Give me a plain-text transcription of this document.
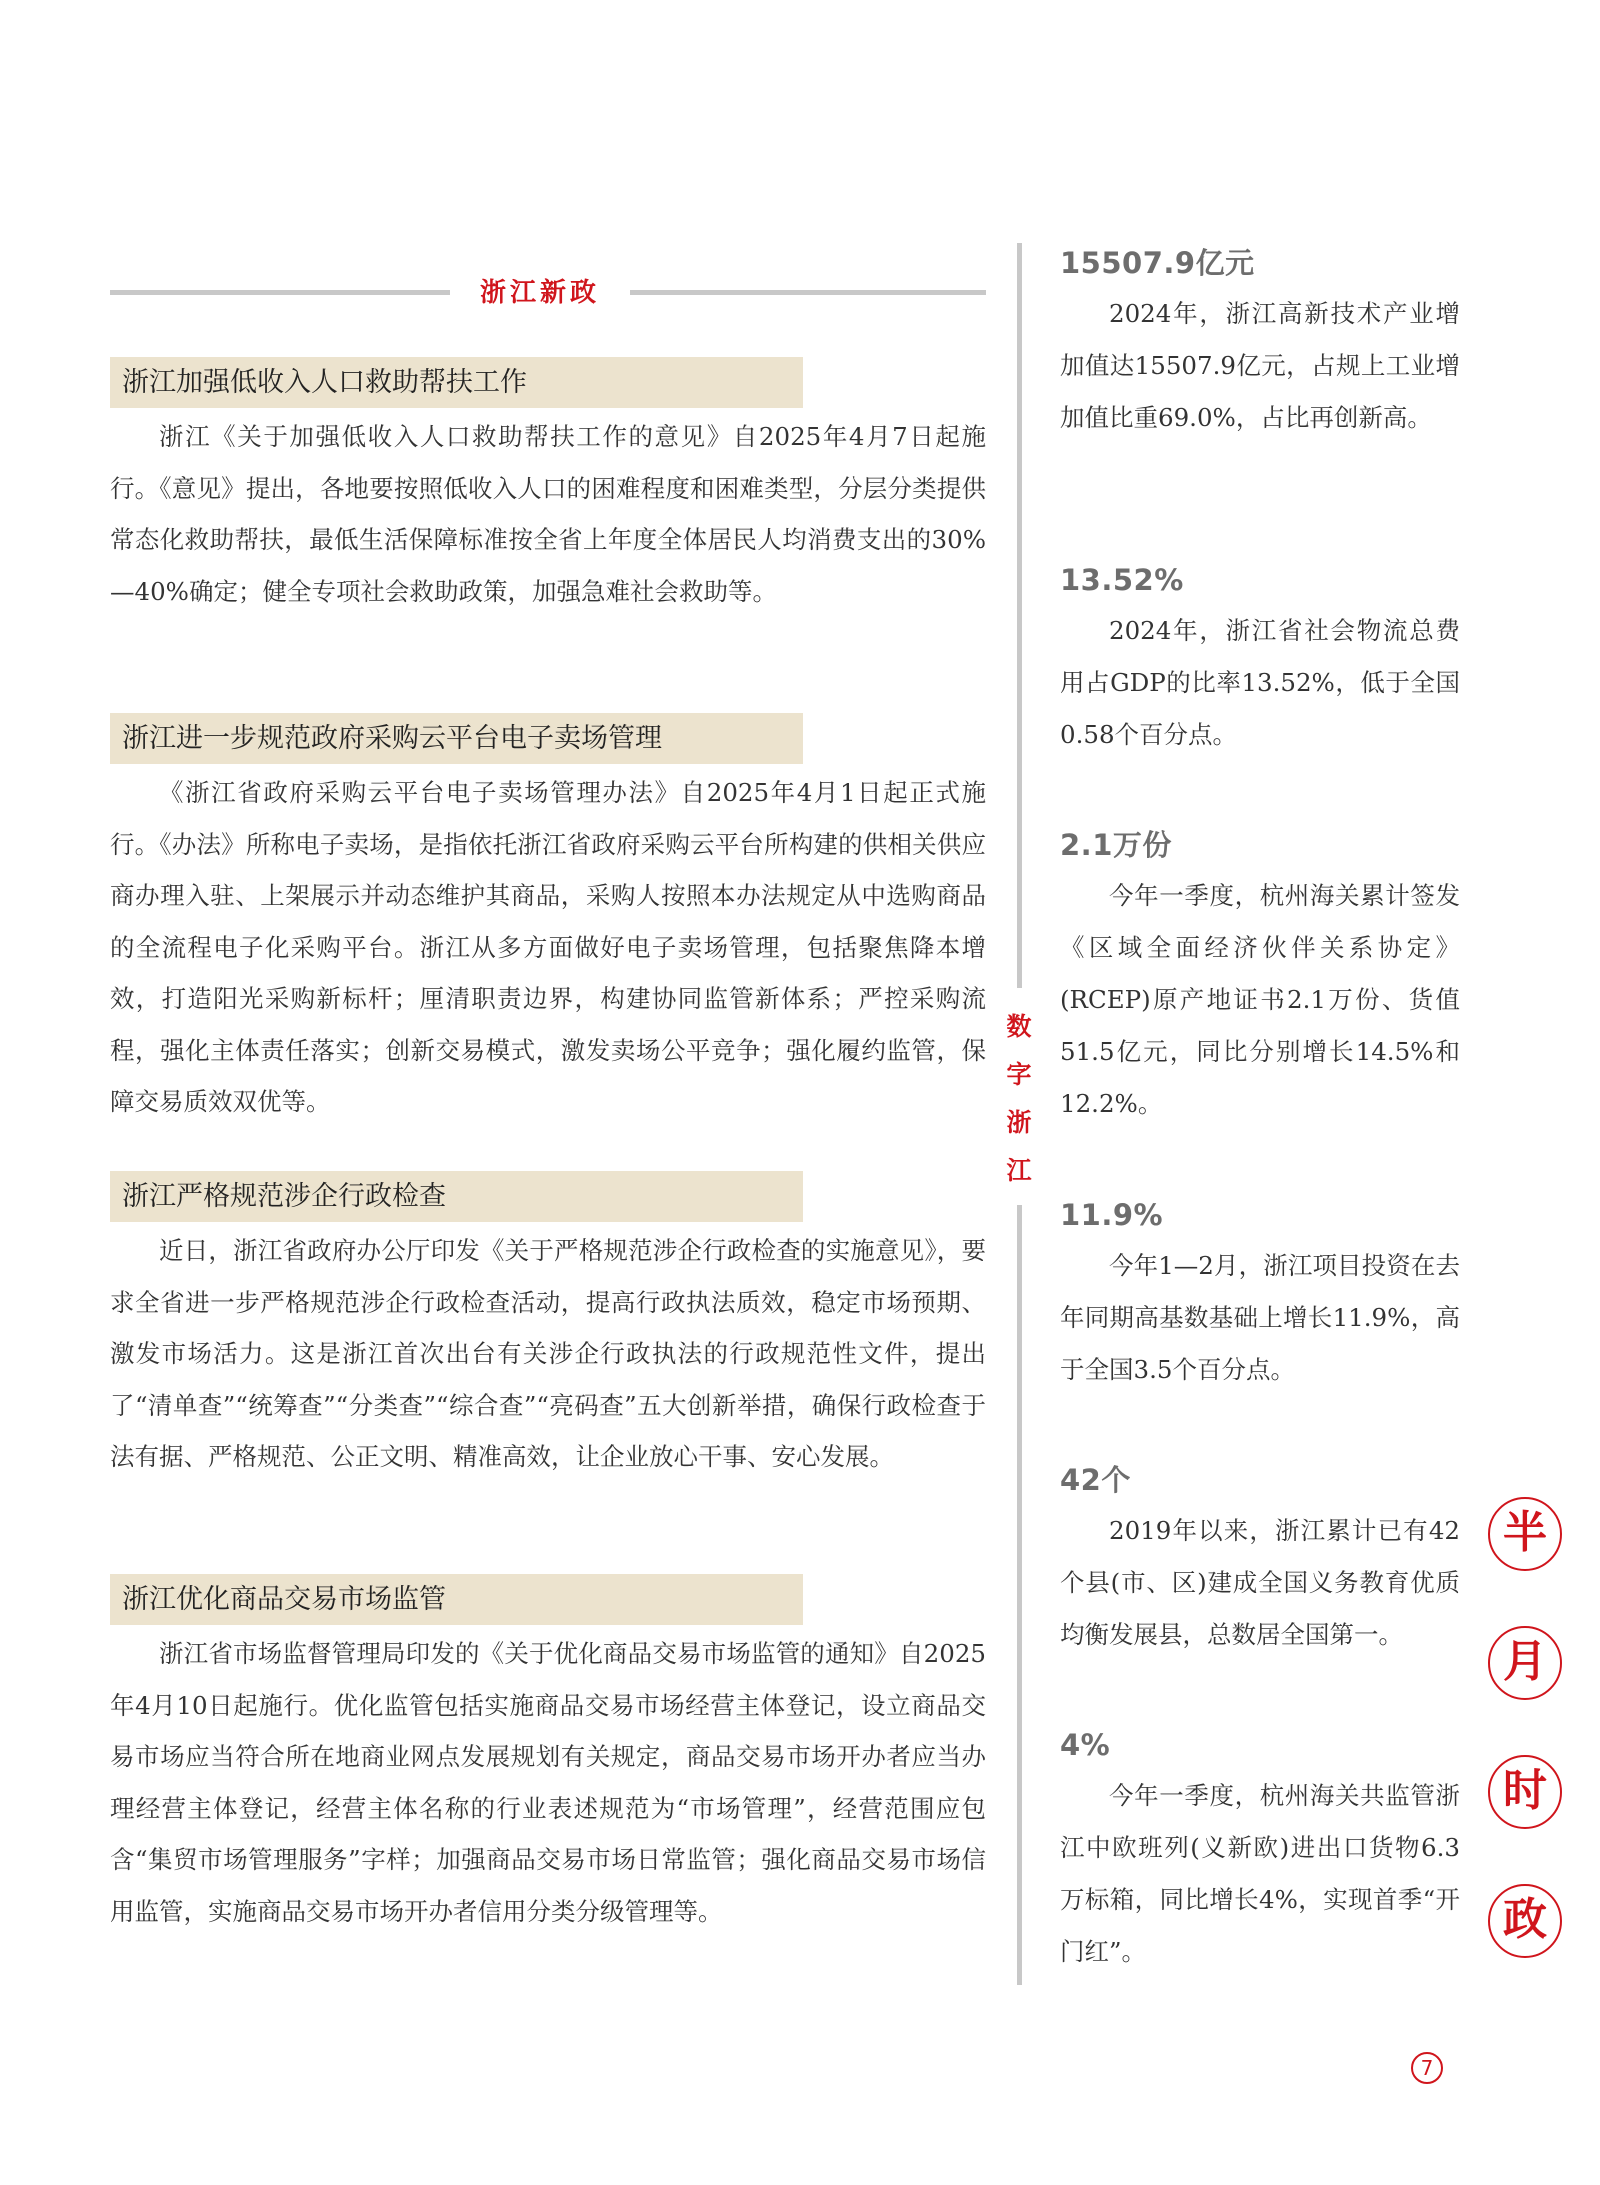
浙江新政
浙江加强低收入人口救助帮扶工作

浙江《关于加强低收入人口救助帮扶工作的意见》自2025年4月7日起施行。《意见》提出，各地要按照低收入人口的困难程度和困难类型，分层分类提供常态化救助帮扶，最低生活保障标准按全省上年度全体居民人均消费支出的30%—40%确定；健全专项社会救助政策，加强急难社会救助等。

浙江进一步规范政府采购云平台电子卖场管理

《浙江省政府采购云平台电子卖场管理办法》自2025年4月1日起正式施行。《办法》所称电子卖场，是指依托浙江省政府采购云平台所构建的供相关供应商办理入驻、上架展示并动态维护其商品，采购人按照本办法规定从中选购商品的全流程电子化采购平台。浙江从多方面做好电子卖场管理，包括聚焦降本增效，打造阳光采购新标杆；厘清职责边界，构建协同监管新体系；严控采购流程，强化主体责任落实；创新交易模式，激发卖场公平竞争；强化履约监管，保障交易质效双优等。

浙江严格规范涉企行政检查

近日，浙江省政府办公厅印发《关于严格规范涉企行政检查的实施意见》，要求全省进一步严格规范涉企行政检查活动，提高行政执法质效，稳定市场预期、激发市场活力。这是浙江首次出台有关涉企行政执法的行政规范性文件，提出了“清单查”“统筹查”“分类查”“综合查”“亮码查”五大创新举措，确保行政检查于法有据、严格规范、公正文明、精准高效，让企业放心干事、安心发展。

浙江优化商品交易市场监管

浙江省市场监督管理局印发的《关于优化商品交易市场监管的通知》自2025年4月10日起施行。优化监管包括实施商品交易市场经营主体登记，设立商品交易市场应当符合所在地商业网点发展规划有关规定，商品交易市场开办者应当办理经营主体登记，经营主体名称的行业表述规范为“市场管理”，经营范围应包含“集贸市场管理服务”字样；加强商品交易市场日常监管；强化商品交易市场信用监管，实施商品交易市场开办者信用分类分级管理等。

数
字
浙
江
15507.9亿元

2024年，浙江高新技术产业增加值达15507.9亿元，占规上工业增加值比重69.0%，占比再创新高。

13.52%

2024年，浙江省社会物流总费用占GDP的比率13.52%，低于全国0.58个百分点。

2.1万份

今年一季度，杭州海关累计签发《区域全面经济伙伴关系协定》(RCEP)原产地证书2.1万份、货值51.5亿元，同比分别增长14.5%和12.2%。

11.9%

今年1—2月，浙江项目投资在去年同期高基数基础上增长11.9%，高于全国3.5个百分点。

42个

2019年以来，浙江累计已有42个县(市、区)建成全国义务教育优质均衡发展县，总数居全国第一。

4%

今年一季度，杭州海关共监管浙江中欧班列(义新欧)进出口货物6.3万标箱，同比增长4%，实现首季“开门红”。

半
月
时
政
7
